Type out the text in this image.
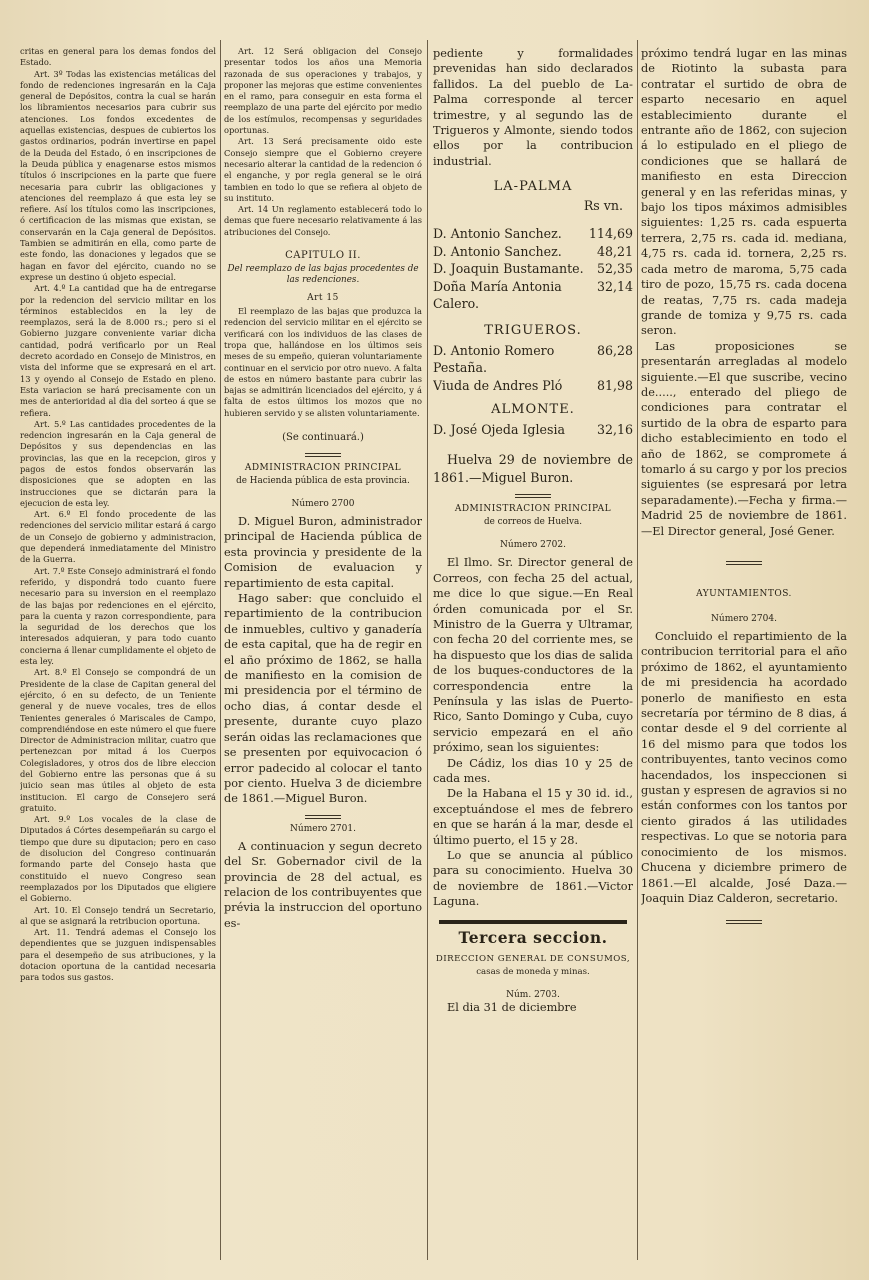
critas en general para los demas fondos del Estado.

Art. 3º Todas las existencias metálicas del fondo de redenciones ingresarán en la Caja general de Depósitos, contra la cual se harán los libramientos necesarios para cubrir sus atenciones. Los fondos excedentes de aquellas existencias, despues de cubiertos los gastos ordinarios, podrán invertirse en papel de la Deuda del Estado, ó en inscripciones de la Deuda pública y enagenarse estos mismos títulos ó inscripciones en la parte que fuere necesaria para cubrir las obligaciones y atenciones del reemplazo á que esta ley se refiere. Así los títulos como las inscripciones, ó certificacion de las mismas que existan, se conservarán en la Caja general de Depósitos. Tambien se admitirán en ella, como parte de este fondo, las donaciones y legados que se hagan en favor del ejército, cuando no se exprese un destino ú objeto especial.

Art. 4.º La cantidad que ha de entregarse por la redencion del servicio militar en los términos establecidos en la ley de reemplazos, será la de 8.000 rs.; pero si el Gobierno juzgare conveniente variar dicha cantidad, podrá verificarlo por un Real decreto acordado en Consejo de Ministros, en vista del informe que se expresará en el art. 13 y oyendo al Consejo de Estado en pleno. Esta variacion se hará precisamente con un mes de anterioridad al dia del sorteo á que se refiera.

Art. 5.º Las cantidades procedentes de la redencion ingresarán en la Caja general de Depósitos y sus dependencias en las provincias, las que en la recepcion, giros y pagos de estos fondos observarán las disposiciones que se adopten en las instrucciones que se dictarán para la ejecucion de esta ley.

Art. 6.º El fondo procedente de las redenciones del servicio militar estará á cargo de un Consejo de gobierno y administracion, que dependerá inmediatamente del Ministro de la Guerra.

Art. 7.º Este Consejo administrará el fondo referido, y dispondrá todo cuanto fuere necesario para su inversion en el reemplazo de las bajas por redenciones en el ejército, para la cuenta y razon correspondiente, para la seguridad de los derechos que los interesados adquieran, y para todo cuanto concierna á llenar cumplidamente el objeto de esta ley.

Art. 8.º El Consejo se compondrá de un Presidente de la clase de Capitan general del ejército, ó en su defecto, de un Teniente general y de nueve vocales, tres de ellos Tenientes generales ó Mariscales de Campo, comprendiéndose en este número el que fuere Director de Administracion militar, cuatro que pertenezcan por mitad á los Cuerpos Colegisladores, y otros dos de libre eleccion del Gobierno entre las personas que á su juicio sean mas útiles al objeto de esta institucion. El cargo de Consejero será gratuito.

Art. 9.º Los vocales de la clase de Diputados á Córtes desempeñarán su cargo el tiempo que dure su diputacion; pero en caso de disolucion del Congreso continuarán formando parte del Consejo hasta que constituido el nuevo Congreso sean reemplazados por los Diputados que eligiere el Gobierno.

Art. 10. El Consejo tendrá un Secretario, al que se asignará la retribucion oportuna.

Art. 11. Tendrá ademas el Consejo los dependientes que se juzguen indispensables para el desempeño de sus atribuciones, y la dotacion oportuna de la cantidad necesaria para todos sus gastos.

Art. 12 Será obligacion del Consejo presentar todos los años una Memoria razonada de sus operaciones y trabajos, y proponer las mejoras que estime convenientes en el ramo, para conseguir en esta forma el reemplazo de una parte del ejército por medio de los estímulos, recompensas y seguridades oportunas.

Art. 13 Será precisamente oido este Consejo siempre que el Gobierno creyere necesario alterar la cantidad de la redencion ó el enganche, y por regla general se le oirá tambien en todo lo que se refiera al objeto de su instituto.

Art. 14 Un reglamento establecerá todo lo demas que fuere necesario relativamente á las atribuciones del Consejo.

CAPITULO II.

Del reemplazo de las bajas procedentes de las redenciones.

Art 15

El reemplazo de las bajas que produzca la redencion del servicio militar en el ejército se verificará con los individuos de las clases de tropa que, hallándose en los últimos seis meses de su empeño, quieran voluntariamente continuar en el servicio por otro nuevo. A falta de estos en número bastante para cubrir las bajas se admitirán licenciados del ejército, y á falta de estos últimos los mozos que no hubieren servido y se alisten voluntariamente.

(Se continuará.)

ADMINISTRACION PRINCIPAL

de Hacienda pública de esta provincia.

Número 2700

D. Miguel Buron, administrador principal de Hacienda pública de esta provincia y presidente de la Comision de evaluacion y repartimiento de esta capital.

Hago saber: que concluido el repartimiento de la contribucion de inmuebles, cultivo y ganadería de esta capital, que ha de regir en el año próximo de 1862, se halla de manifiesto en la comision de mi presidencia por el término de ocho dias, á contar desde el presente, durante cuyo plazo serán oidas las reclamaciones que se presenten por equivocacion ó error padecido al colocar el tanto por ciento. Huelva 3 de diciembre de 1861.—Miguel Buron.

Número 2701.

A continuacion y segun decreto del Sr. Gobernador civil de la provincia de 28 del actual, es relacion de los contribuyentes que prévia la instruccion del oportuno es-

pediente y formalidades prevenidas han sido declarados fallidos. La del pueblo de La-Palma corresponde al tercer trimestre, y al segundo las de Trigueros y Almonte, siendo todos ellos por la contribucion industrial.

LA-PALMA
Rs vn.
D. Antonio Sanchez. 114,69
D. Antonio Sanchez.	48,21
D. Joaquin Bustamante. 52,35
Doña María Antonia Calero.
32,14
TRIGUEROS.
D. Antonio Romero Pestaña.
86,28
Viuda de Andres Pló	81,98
ALMONTE.
D. José Ojeda Iglesia	32,16

Huelva 29 de noviembre de 1861.—Miguel Buron.

ADMINISTRACION PRINCIPAL

de correos de Huelva.

Número 2702.

El Ilmo. Sr. Director general de Correos, con fecha 25 del actual, me dice lo que sigue.—En Real órden comunicada por el Sr. Ministro de la Guerra y Ultramar, con fecha 20 del corriente mes, se ha dispuesto que los dias de salida de los buques-conductores de la correspondencia entre la Península y las islas de Puerto-Rico, Santo Domingo y Cuba, cuyo servicio empezará en el año próximo, sean los siguientes:

De Cádiz, los dias 10 y 25 de cada mes.

De la Habana el 15 y 30 id. id., exceptuándose el mes de febrero en que se harán á la mar, desde el último puerto, el 15 y 28.

Lo que se anuncia al público para su conocimiento. Huelva 30 de noviembre de 1861.—Victor Laguna.

Tercera seccion.
DIRECCION GENERAL DE CONSUMOS,

casas de moneda y minas.

Núm. 2703.

El dia 31 de diciembre

próximo tendrá lugar en las minas de Riotinto la subasta para contratar el surtido de obra de esparto necesario en aquel establecimiento durante el entrante año de 1862, con sujecion á lo estipulado en el pliego de condiciones que se hallará de manifiesto en esta Direccion general y en las referidas minas, y bajo los tipos máximos admisibles siguientes: 1,25 rs. cada espuerta terrera, 2,75 rs. cada id. mediana, 4,75 rs. cada id. tornera, 2,25 rs. cada metro de maroma, 5,75 cada tiro de pozo, 15,75 rs. cada docena de reatas, 7,75 rs. cada madeja grande de tomiza y 9,75 rs. cada seron.

Las proposiciones se presentarán arregladas al modelo siguiente.—El que suscribe, vecino de....., enterado del pliego de condiciones para contratar el surtido de la obra de esparto para dicho establecimiento en todo el año de 1862, se compromete á tomarlo á su cargo y por los precios siguientes (se espresará por letra separadamente).—Fecha y firma.— Madrid 25 de noviembre de 1861.—El Director general, José Gener.

AYUNTAMIENTOS.

Número 2704.

Concluido el repartimiento de la contribucion territorial para el año próximo de 1862, el ayuntamiento de mi presidencia ha acordado ponerlo de manifiesto en esta secretaría por término de 8 dias, á contar desde el 9 del corriente al 16 del mismo para que todos los contribuyentes, tanto vecinos como hacendados, los inspeccionen si gustan y espresen de agravios si no están conformes con los tantos por ciento girados á las utilidades respectivas. Lo que se notoria para conocimiento de los mismos. Chucena y diciembre primero de 1861.—El alcalde, José Daza.—Joaquin Diaz Calderon, secretario.
